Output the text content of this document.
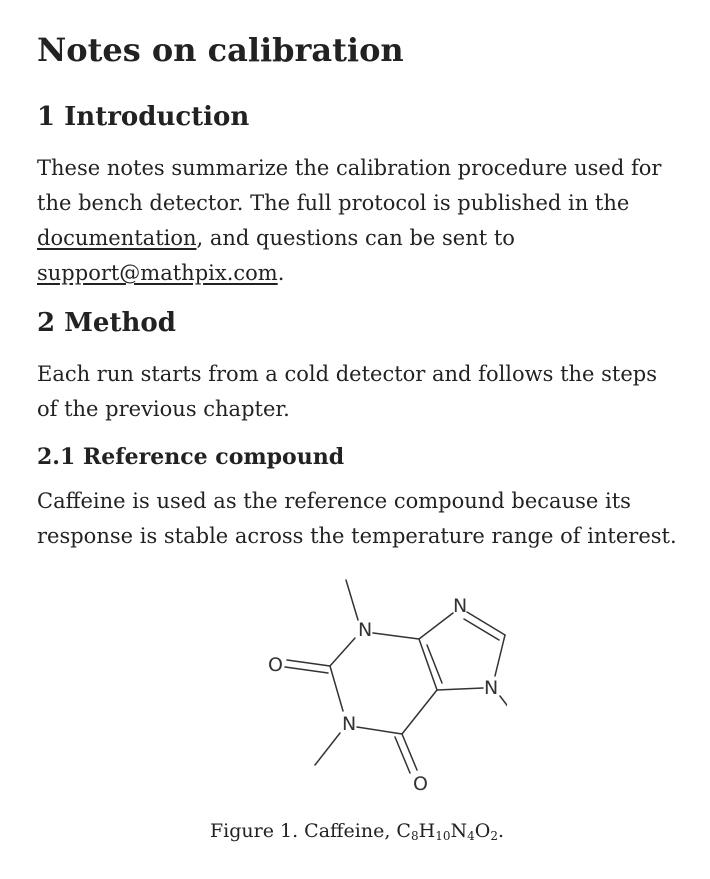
Notes on calibration
1 Introduction

These notes summarize the calibration procedure used for the bench detector. The full protocol is published in the documentation, and questions can be sent to support@mathpix.com.

2 Method

Each run starts from a cold detector and follows the steps of the previous chapter.

2.1 Reference compound

Caffeine is used as the reference compound because its response is stable across the temperature range of interest.

N
N
O
N
N
O
Figure 1. Caffeine, $C_8H_{10}N_4O_2$.
